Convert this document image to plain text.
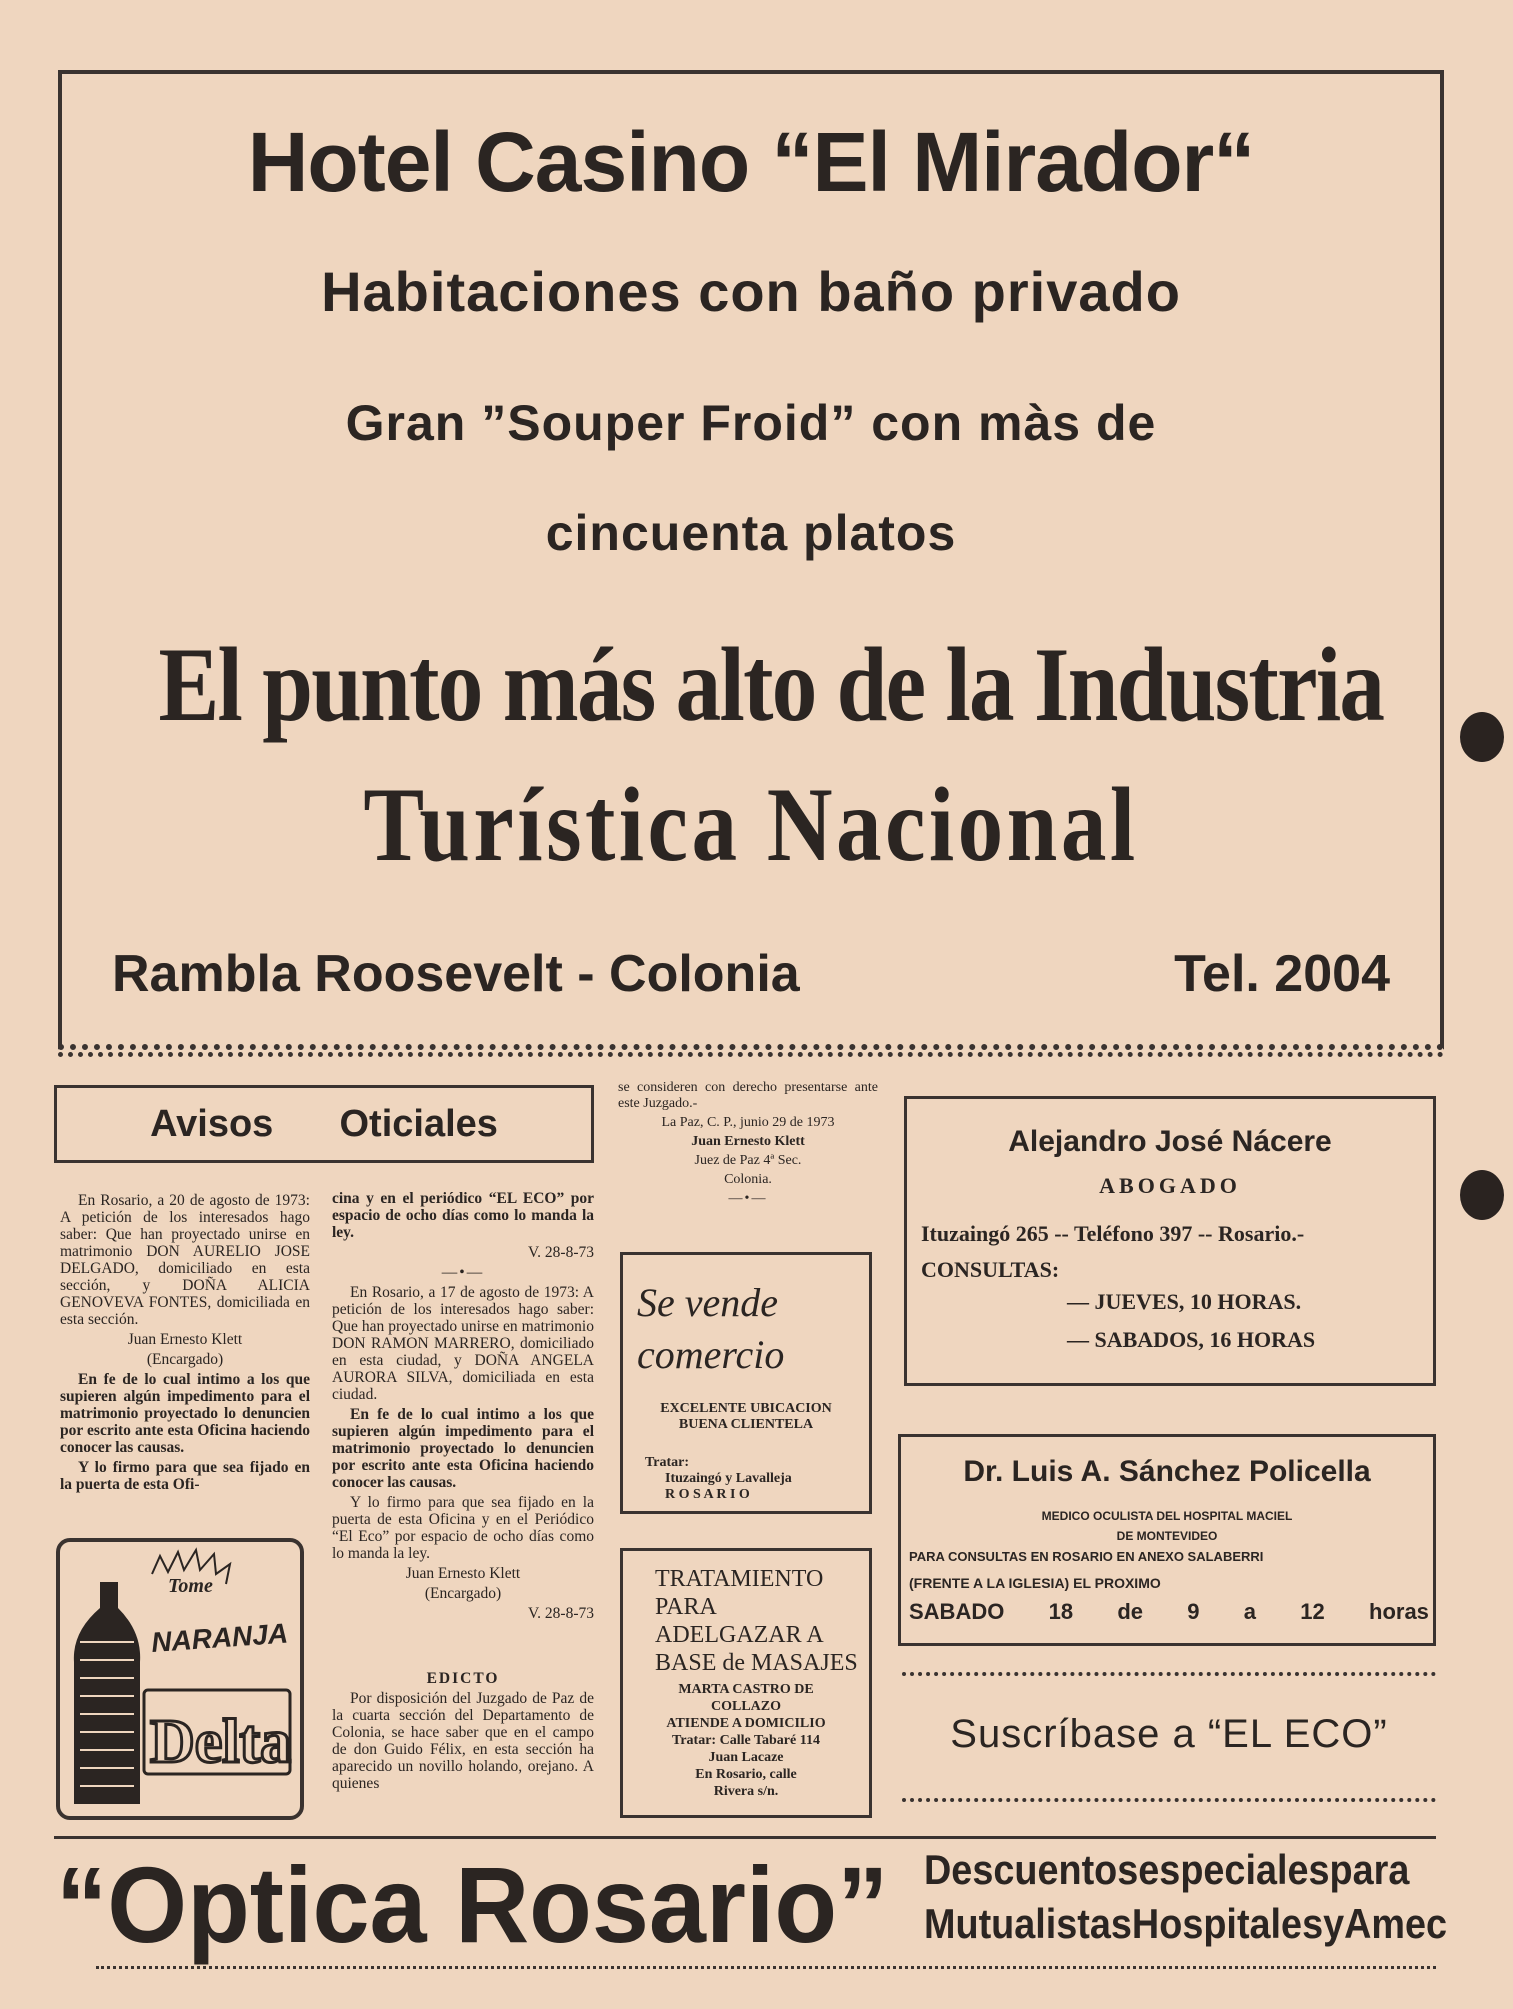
Hotel Casino “El Mirador“
Habitaciones con baño privado
Gran ”Souper Froid” con màs de
cincuenta platos
El punto más alto de la Industria
Turística Nacional
Rambla Roosevelt - Colonia	Tel. 2004
Avisos Oticiales

En Rosario, a 20 de agosto de 1973: A petición de los interesados hago saber: Que han proyectado unirse en matrimonio DON AURELIO JOSE DELGADO, domiciliado en esta sección, y DOÑA ALICIA GENOVEVA FONTES, domiciliada en esta sección.

Juan Ernesto Klett

(Encargado)

En fe de lo cual intimo a los que supieren algún impedimento para el matrimonio proyectado lo denuncien por escrito ante esta Oficina haciendo conocer las causas.

Y lo firmo para que sea fijado en la puerta de esta Ofi-

Tome
NARANJA
Delta

cina y en el periódico “EL ECO” por espacio de ocho días como lo manda la ley.

V. 28-8-73

—•—

En Rosario, a 17 de agosto de 1973: A petición de los interesados hago saber: Que han proyectado unirse en matrimonio DON RAMON MARRERO, domiciliado en esta ciudad, y DOÑA ANGELA AURORA SILVA, domiciliada en esta ciudad.

En fe de lo cual intimo a los que supieren algún impedimento para el matrimonio proyectado lo denuncien por escrito ante esta Oficina haciendo conocer las causas.

Y lo firmo para que sea fijado en la puerta de esta Oficina y en el Periódico “El Eco” por espacio de ocho días como lo manda la ley.

Juan Ernesto Klett

(Encargado)

V. 28-8-73

EDICTO

Por disposición del Juzgado de Paz de la cuarta sección del Departamento de Colonia, se hace saber que en el campo de don Guido Félix, en esta sección ha aparecido un novillo holando, orejano. A quienes

se consideren con derecho presentarse ante este Juzgado.-

La Paz, C. P., junio 29 de 1973

Juan Ernesto Klett

Juez de Paz 4ª Sec.

Colonia.

—•—

Se vende
comercio
EXCELENTE UBICACION
BUENA CLIENTELA
Tratar:
Ituzaingó y Lavalleja
R O S A R I O
TRATAMIENTO
PARA
ADELGAZAR A
BASE de MASAJES
MARTA CASTRO DE
COLLAZO
ATIENDE A DOMICILIO
Tratar: Calle Tabaré 114
Juan Lacaze
En Rosario, calle
Rivera s/n.
Alejandro José Nácere
ABOGADO
Ituzaingó 265 -- Teléfono 397 -- Rosario.-
CONSULTAS:
— JUEVES, 10 HORAS.
— SABADOS, 16 HORAS
Dr. Luis A. Sánchez Policella
MEDICO OCULISTA DEL HOSPITAL MACIEL
DE MONTEVIDEO
PARA CONSULTAS EN ROSARIO EN ANEXO SALABERRI
(FRENTE A LA IGLESIA) EL PROXIMO
SABADO 18 de 9 a 12 horas
Suscríbase a “EL ECO”
“Optica Rosario” Descuentos especiales para
MutualistasHospitales y Amec
